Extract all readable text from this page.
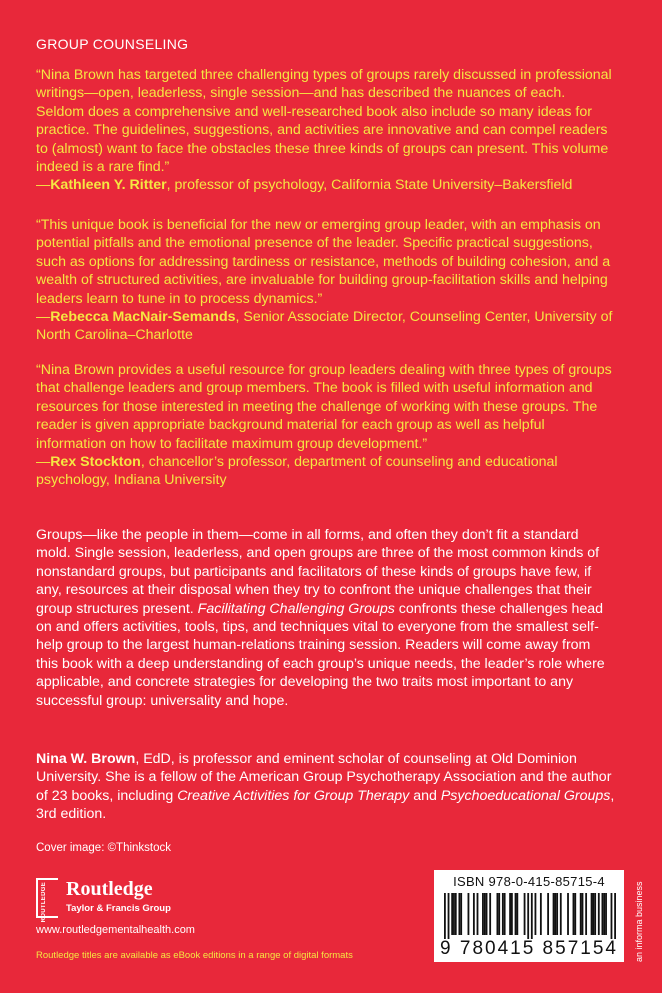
GROUP COUNSELING
“Nina Brown has targeted three challenging types of groups rarely discussed in professional writings—open, leaderless, single session—and has described the nuances of each. Seldom does a comprehensive and well-researched book also include so many ideas for practice. The guidelines, suggestions, and activities are innovative and can compel readers to (almost) want to face the obstacles these three kinds of groups can present. This volume indeed is a rare find.”
—Kathleen Y. Ritter, professor of psychology, California State University–Bakersfield
“This unique book is beneficial for the new or emerging group leader, with an emphasis on potential pitfalls and the emotional presence of the leader. Specific practical suggestions, such as options for addressing tardiness or resistance, methods of building cohesion, and a wealth of structured activities, are invaluable for building group-facilitation skills and helping leaders learn to tune in to process dynamics.”
—Rebecca MacNair-Semands, Senior Associate Director, Counseling Center, University of North Carolina–Charlotte
“Nina Brown provides a useful resource for group leaders dealing with three types of groups that challenge leaders and group members. The book is filled with useful information and resources for those interested in meeting the challenge of working with these groups. The reader is given appropriate background material for each group as well as helpful information on how to facilitate maximum group development.”
—Rex Stockton, chancellor’s professor, department of counseling and educational psychology, Indiana University
Groups—like the people in them—come in all forms, and often they don’t fit a standard mold. Single session, leaderless, and open groups are three of the most common kinds of nonstandard groups, but participants and facilitators of these kinds of groups have few, if any, resources at their disposal when they try to confront the unique challenges that their group structures present. Facilitating Challenging Groups confronts these challenges head on and offers activities, tools, tips, and techniques vital to everyone from the smallest self-help group to the largest human-relations training session. Readers will come away from this book with a deep understanding of each group’s unique needs, the leader’s role where applicable, and concrete strategies for developing the two traits most important to any successful group: universality and hope.
Nina W. Brown, EdD, is professor and eminent scholar of counseling at Old Dominion University. She is a fellow of the American Group Psychotherapy Association and the author of 23 books, including Creative Activities for Group Therapy and Psychoeducational Groups, 3rd edition.
Cover image: ©Thinkstock
ROUTLEDGE Routledge
Taylor & Francis Group
www.routledgementalhealth.com
Routledge titles are available as eBook editions in a range of digital formats
ISBN 978-0-415-85715-4
9 780415 857154	an informa business
